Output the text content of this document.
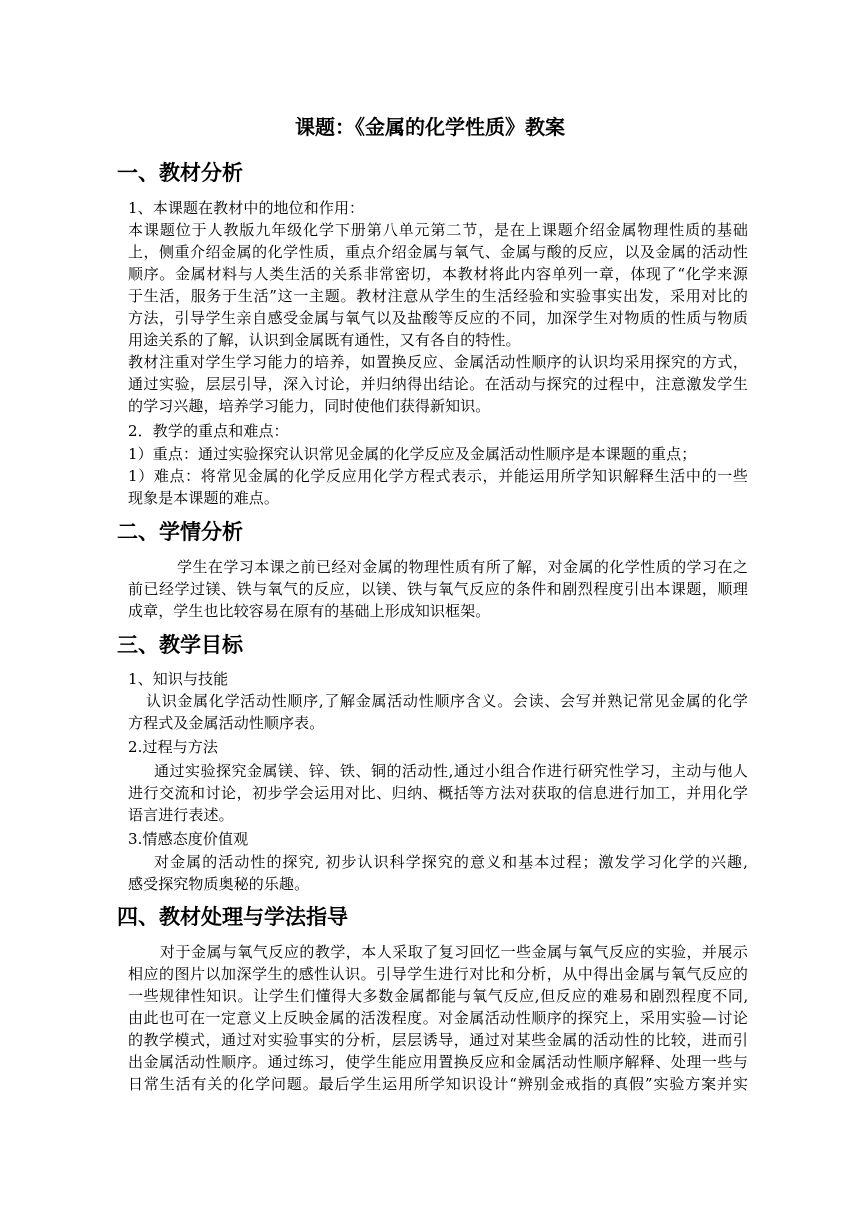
课题：《金属的化学性质》教案
一、教材分析
1、本课题在教材中的地位和作用：
本课题位于人教版九年级化学下册第八单元第二节，是在上课题介绍金属物理性质的基础
上，侧重介绍金属的化学性质，重点介绍金属与氧气、金属与酸的反应，以及金属的活动性
顺序。金属材料与人类生活的关系非常密切，本教材将此内容单列一章，体现了“化学来源
于生活，服务于生活”这一主题。教材注意从学生的生活经验和实验事实出发，采用对比的
方法，引导学生亲自感受金属与氧气以及盐酸等反应的不同，加深学生对物质的性质与物质
用途关系的了解，认识到金属既有通性，又有各自的特性。
教材注重对学生学习能力的培养，如置换反应、金属活动性顺序的认识均采用探究的方式，
通过实验，层层引导，深入讨论，并归纳得出结论。在活动与探究的过程中，注意激发学生
的学习兴趣，培养学习能力，同时使他们获得新知识。
2．教学的重点和难点：
1）重点：通过实验探究认识常见金属的化学反应及金属活动性顺序是本课题的重点；
1）难点：将常见金属的化学反应用化学方程式表示，并能运用所学知识解释生活中的一些
现象是本课题的难点。
二、学情分析
学生在学习本课之前已经对金属的物理性质有所了解，对金属的化学性质的学习在之
前已经学过镁、铁与氧气的反应，以镁、铁与氧气反应的条件和剧烈程度引出本课题，顺理
成章，学生也比较容易在原有的基础上形成知识框架。
三、教学目标
1、知识与技能
认识金属化学活动性顺序,了解金属活动性顺序含义。会读、会写并熟记常见金属的化学
方程式及金属活动性顺序表。
2.过程与方法
通过实验探究金属镁、锌、铁、铜的活动性,通过小组合作进行研究性学习，主动与他人
进行交流和讨论，初步学会运用对比、归纳、概括等方法对获取的信息进行加工，并用化学
语言进行表述。
3.情感态度价值观
对金属的活动性的探究, 初步认识科学探究的意义和基本过程；激发学习化学的兴趣,
感受探究物质奥秘的乐趣。
四、教材处理与学法指导
对于金属与氧气反应的教学，本人采取了复习回忆一些金属与氧气反应的实验，并展示
相应的图片以加深学生的感性认识。引导学生进行对比和分析，从中得出金属与氧气反应的
一些规律性知识。让学生们懂得大多数金属都能与氧气反应,但反应的难易和剧烈程度不同,
由此也可在一定意义上反映金属的活泼程度。对金属活动性顺序的探究上，采用实验—讨论
的教学模式，通过对实验事实的分析，层层诱导，通过对某些金属的活动性的比较，进而引
出金属活动性顺序。通过练习，使学生能应用置换反应和金属活动性顺序解释、处理一些与
日常生活有关的化学问题。最后学生运用所学知识设计“辨别金戒指的真假”实验方案并实
